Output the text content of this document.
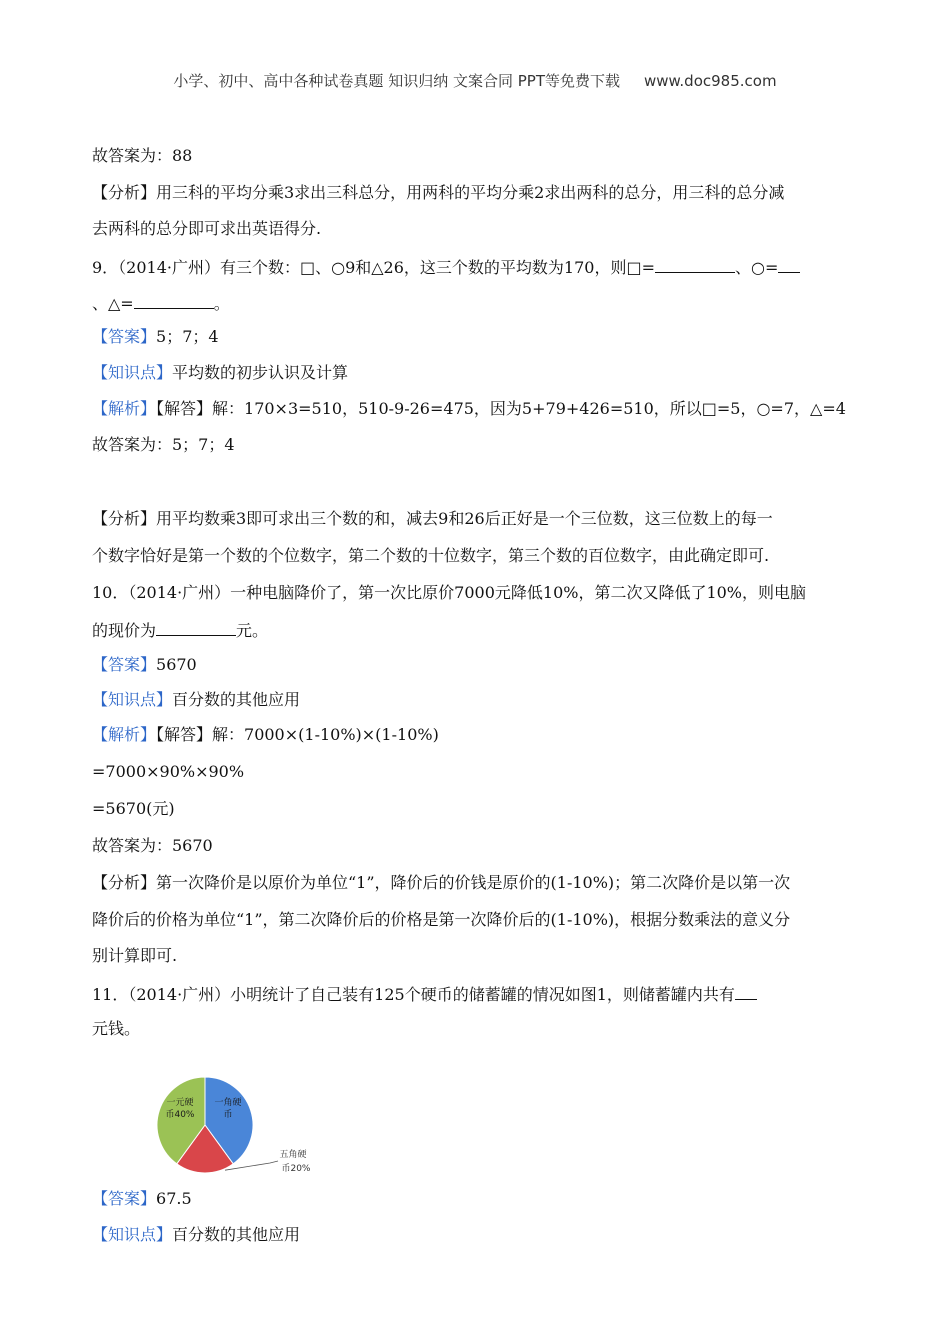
小学、初中、高中各种试卷真题 知识归纳 文案合同 PPT等免费下载 www.doc985.com
故答案为：88
【分析】用三科的平均分乘3求出三科总分，用两科的平均分乘2求出两科的总分，用三科的总分减
去两科的总分即可求出英语得分.
9．（2014·广州）有三个数：□、○9和△26，这三个数的平均数为170，则□=	、○=
、△=	。
【答案】5；7；4
【知识点】平均数的初步认识及计算
【解析】【解答】解：170×3=510，510-9-26=475，因为5+79+426=510，所以□=5，○=7，△=4
故答案为：5；7；4
【分析】用平均数乘3即可求出三个数的和，减去9和26后正好是一个三位数，这三位数上的每一
个数字恰好是第一个数的个位数字，第二个数的十位数字，第三个数的百位数字，由此确定即可.
10．（2014·广州）一种电脑降价了，第一次比原价7000元降低10%，第二次又降低了10%，则电脑
的现价为	元。
【答案】5670
【知识点】百分数的其他应用
【解析】【解答】解：7000×(1-10%)×(1-10%)
=7000×90%×90%
=5670(元)
故答案为：5670
【分析】第一次降价是以原价为单位“1”，降价后的价钱是原价的(1-10%)；第二次降价是以第一次
降价后的价格为单位“1”，第二次降价后的价格是第一次降价后的(1-10%)，根据分数乘法的意义分
别计算即可.
11．（2014·广州）小明统计了自己装有125个硬币的储蓄罐的情况如图1，则储蓄罐内共有
元钱。
一角硬
币
一元硬
币40%
五角硬
币20%
【答案】67.5
【知识点】百分数的其他应用
